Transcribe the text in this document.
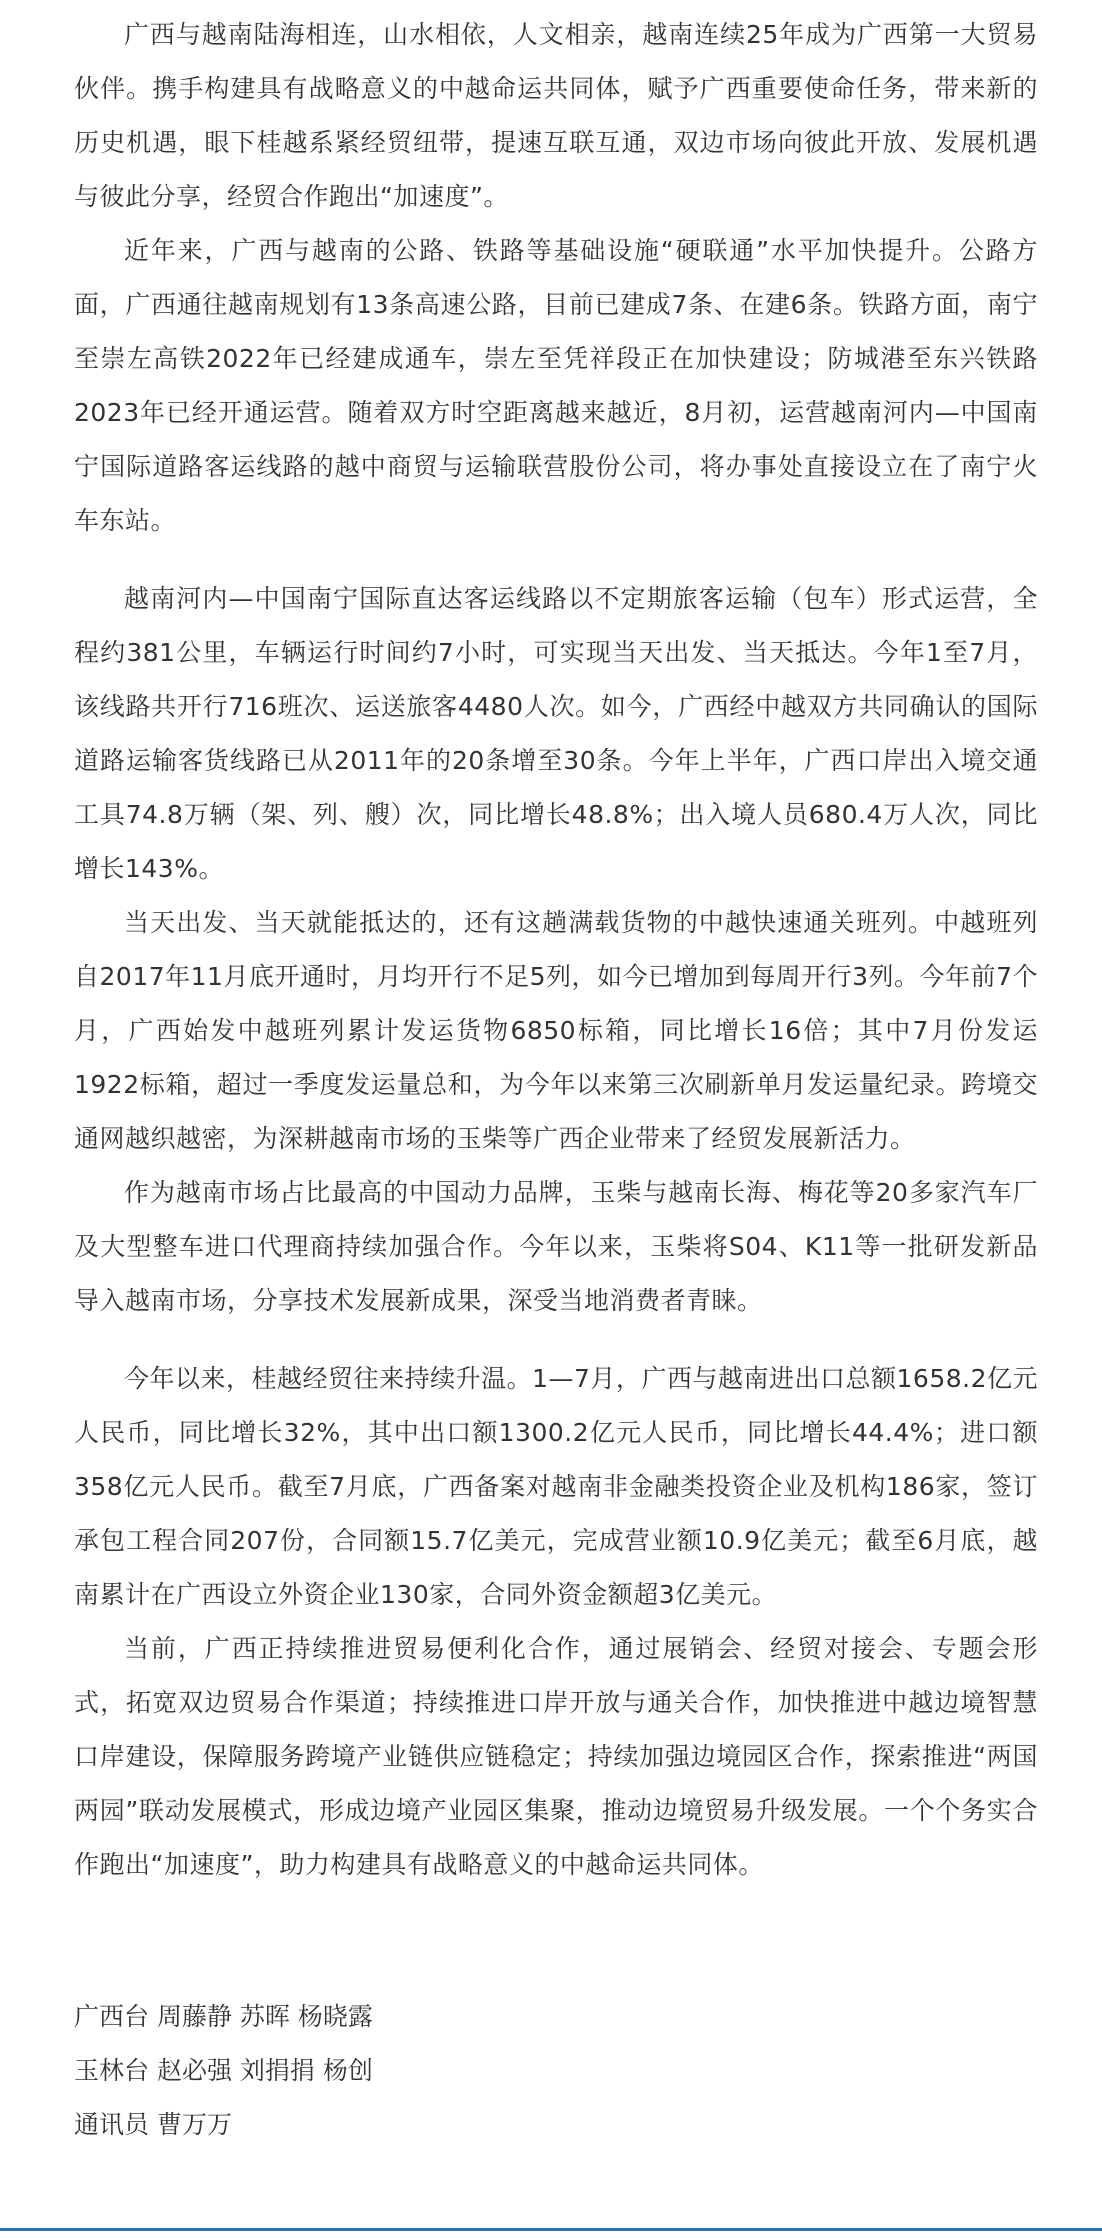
广西与越南陆海相连，山水相依，人文相亲，越南连续25年成为广西第一大贸易伙伴。携手构建具有战略意义的中越命运共同体，赋予广西重要使命任务，带来新的历史机遇，眼下桂越系紧经贸纽带，提速互联互通，双边市场向彼此开放、发展机遇与彼此分享，经贸合作跑出“加速度”。

近年来，广西与越南的公路、铁路等基础设施“硬联通”水平加快提升。公路方面，广西通往越南规划有13条高速公路，目前已建成7条、在建6条。铁路方面，南宁至崇左高铁2022年已经建成通车，崇左至凭祥段正在加快建设；防城港至东兴铁路2023年已经开通运营。随着双方时空距离越来越近，8月初，运营越南河内—中国南宁国际道路客运线路的越中商贸与运输联营股份公司，将办事处直接设立在了南宁火车东站。

越南河内—中国南宁国际直达客运线路以不定期旅客运输（包车）形式运营，全程约381公里，车辆运行时间约7小时，可实现当天出发、当天抵达。今年1至7月，该线路共开行716班次、运送旅客4480人次。如今，广西经中越双方共同确认的国际道路运输客货线路已从2011年的20条增至30条。今年上半年，广西口岸出入境交通工具74.8万辆（架、列、艘）次，同比增长48.8%；出入境人员680.4万人次，同比增长143%。

当天出发、当天就能抵达的，还有这趟满载货物的中越快速通关班列。中越班列自2017年11月底开通时，月均开行不足5列，如今已增加到每周开行3列。今年前7个月，广西始发中越班列累计发运货物6850标箱，同比增长16倍；其中7月份发运1922标箱，超过一季度发运量总和，为今年以来第三次刷新单月发运量纪录。跨境交通网越织越密，为深耕越南市场的玉柴等广西企业带来了经贸发展新活力。

作为越南市场占比最高的中国动力品牌，玉柴与越南长海、梅花等20多家汽车厂及大型整车进口代理商持续加强合作。今年以来，玉柴将S04、K11等一批研发新品导入越南市场，分享技术发展新成果，深受当地消费者青睐。

今年以来，桂越经贸往来持续升温。1—7月，广西与越南进出口总额1658.2亿元人民币，同比增长32%，其中出口额1300.2亿元人民币，同比增长44.4%；进口额358亿元人民币。截至7月底，广西备案对越南非金融类投资企业及机构186家，签订承包工程合同207份，合同额15.7亿美元，完成营业额10.9亿美元；截至6月底，越南累计在广西设立外资企业130家，合同外资金额超3亿美元。

当前，广西正持续推进贸易便利化合作，通过展销会、经贸对接会、专题会形式，拓宽双边贸易合作渠道；持续推进口岸开放与通关合作，加快推进中越边境智慧口岸建设，保障服务跨境产业链供应链稳定；持续加强边境园区合作，探索推进“两国两园”联动发展模式，形成边境产业园区集聚，推动边境贸易升级发展。一个个务实合作跑出“加速度”，助力构建具有战略意义的中越命运共同体。

广西台 周藤静 苏晖 杨晓露

玉林台 赵必强 刘捐捐 杨创

通讯员 曹万万
